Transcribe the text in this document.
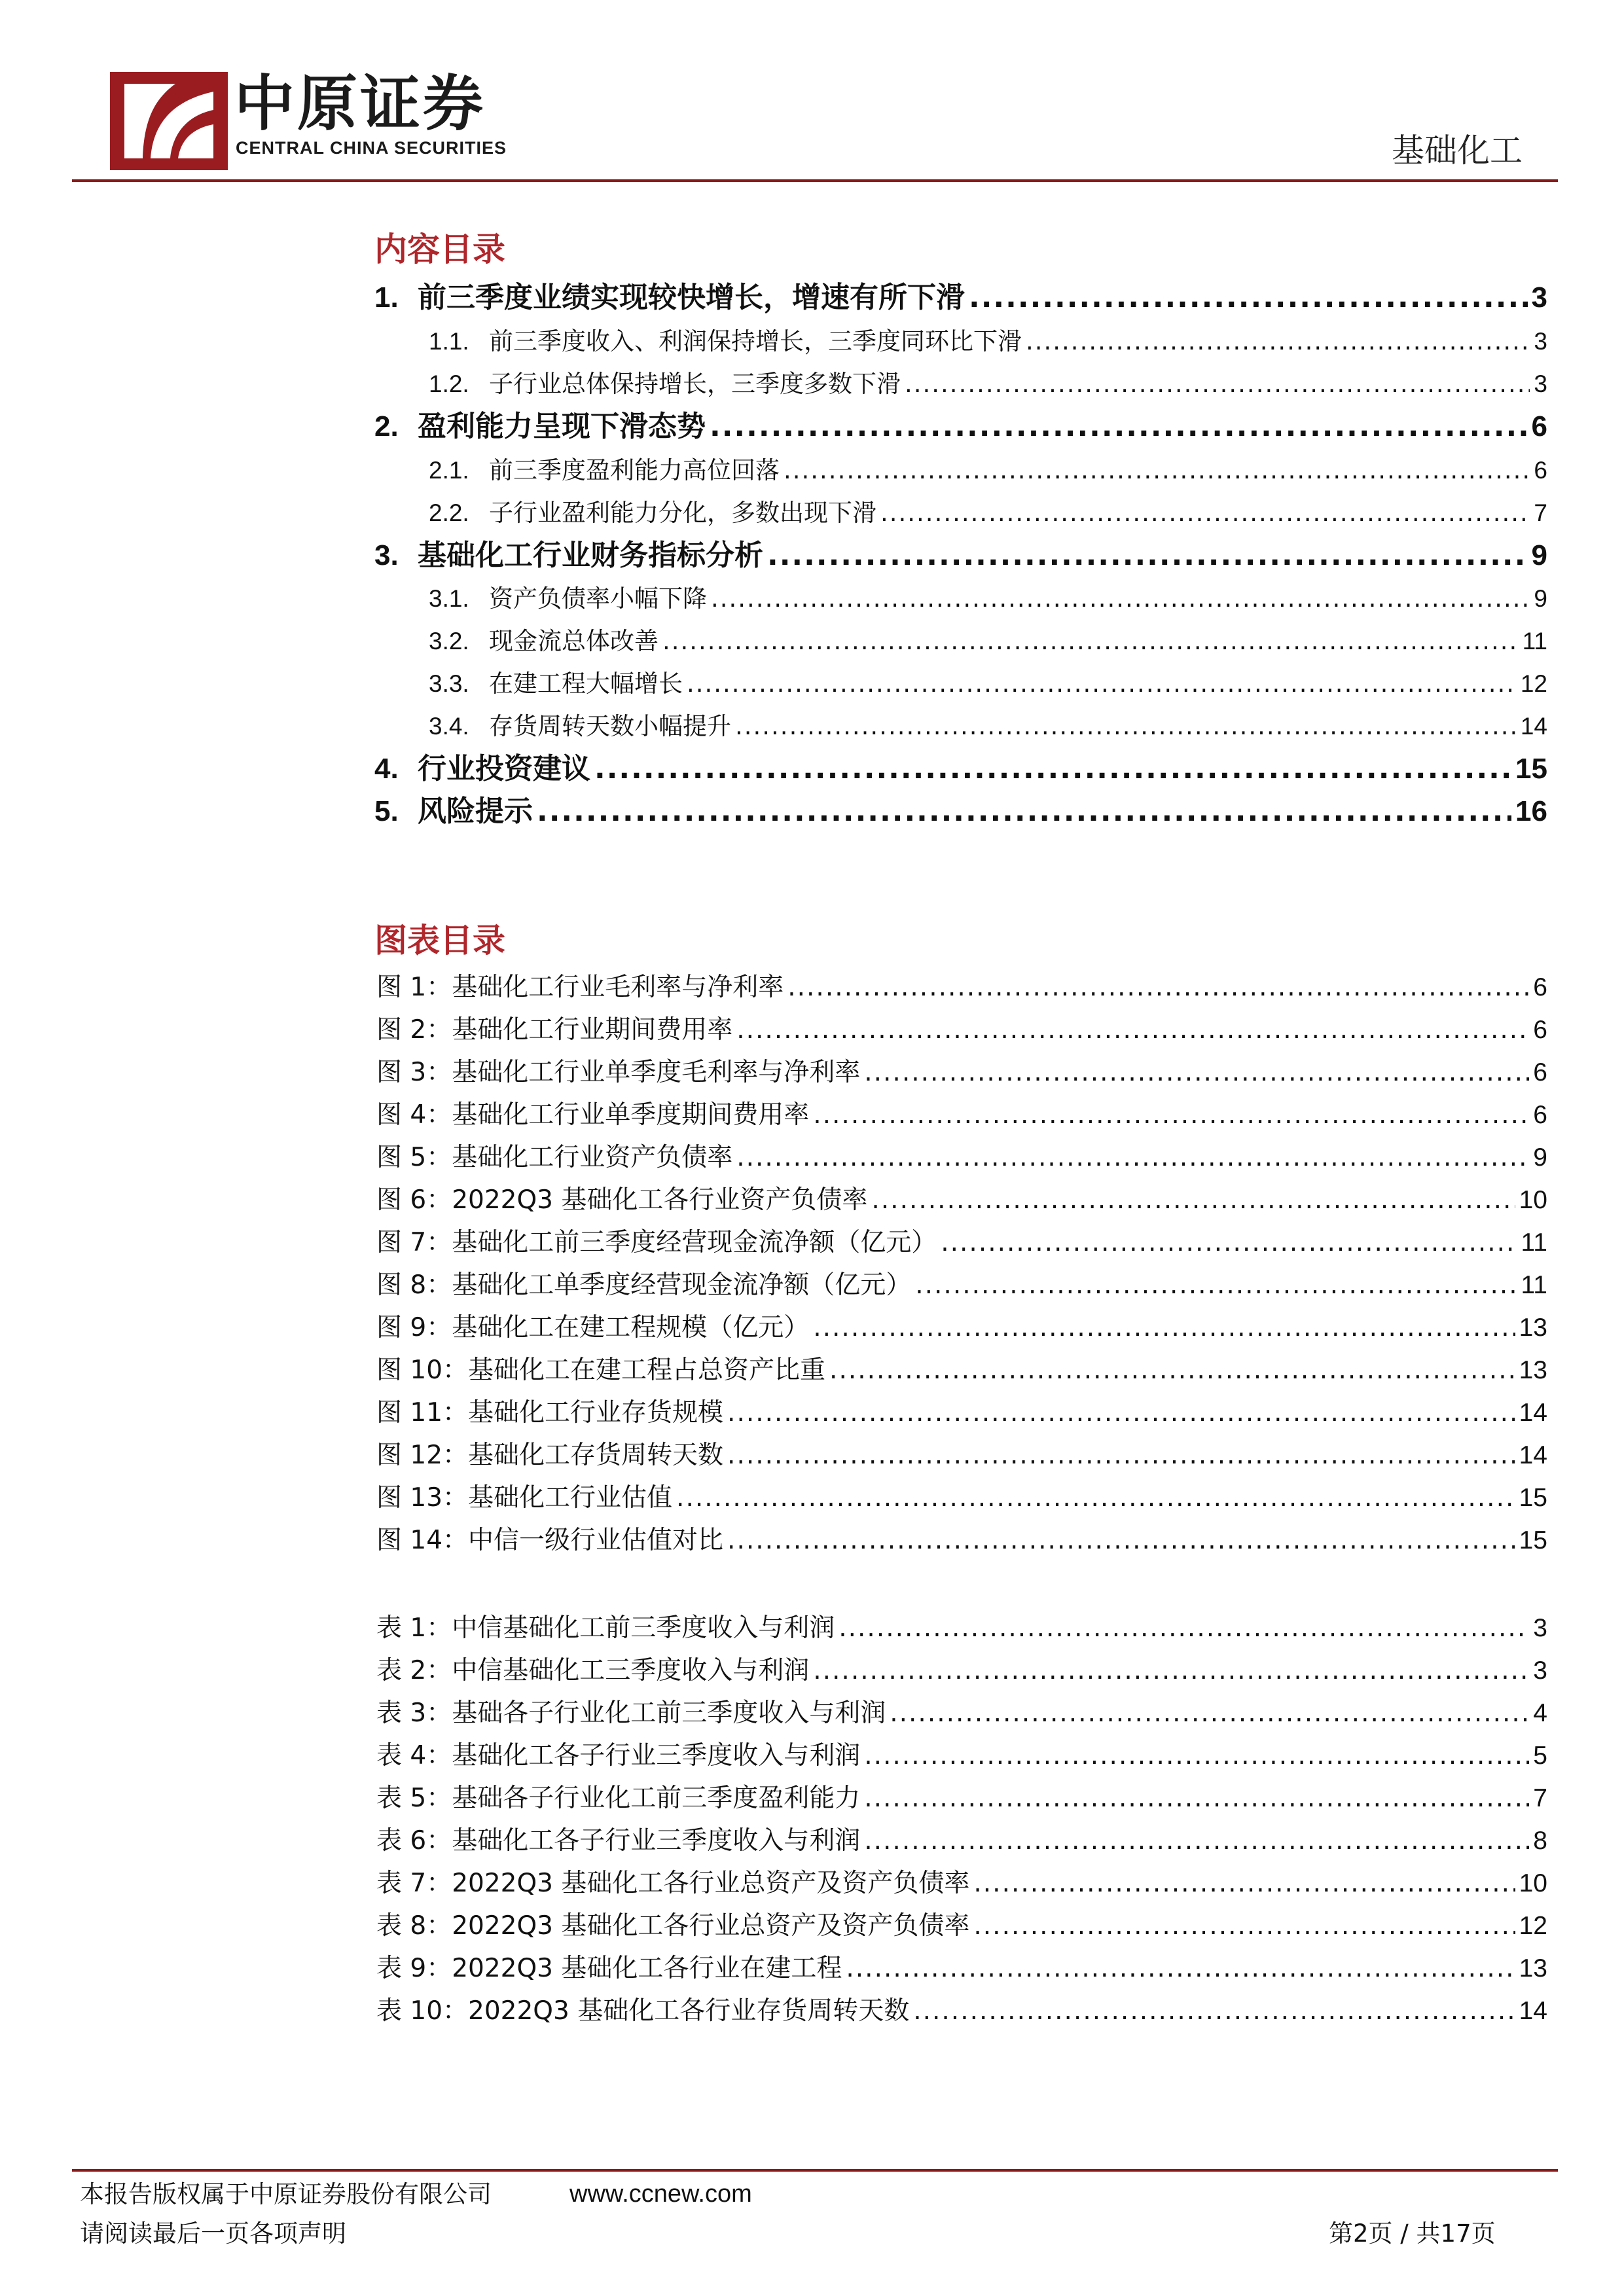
中原证券
CENTRAL CHINA SECURITIES	基础化工
内容目录
1. 前三季度业绩实现较快增长，增速有所下滑 .....	3
1.1. 前三季度收入、利润保持增长，三季度同环比下滑 .....	3
1.2. 子行业总体保持增长，三季度多数下滑 .....	3
2. 盈利能力呈现下滑态势 .....	6
2.1. 前三季度盈利能力高位回落 .....	6
2.2. 子行业盈利能力分化，多数出现下滑 .....	7
3. 基础化工行业财务指标分析 .....	9
3.1. 资产负债率小幅下降 .....	9
3.2. 现金流总体改善 .....	11
3.3. 在建工程大幅增长 .....	12
3.4. 存货周转天数小幅提升 .....	14
4. 行业投资建议 .....	15
5. 风险提示 .....	16
图表目录
图 1： 基础化工行业毛利率与净利率 .....	6
图 2： 基础化工行业期间费用率 .....	6
图 3： 基础化工行业单季度毛利率与净利率 .....	6
图 4： 基础化工行业单季度期间费用率 .....	6
图 5： 基础化工行业资产负债率 .....	9
图 6： 2022Q3 基础化工各行业资产负债率 .....	10
图 7： 基础化工前三季度经营现金流净额（亿元） .....	11
图 8： 基础化工单季度经营现金流净额（亿元） .....	11
图 9： 基础化工在建工程规模（亿元） .....	13
图 10： 基础化工在建工程占总资产比重 .....	13
图 11： 基础化工行业存货规模 .....	14
图 12： 基础化工存货周转天数 .....	14
图 13： 基础化工行业估值 .....	15
图 14： 中信一级行业估值对比 .....	15
表 1： 中信基础化工前三季度收入与利润 .....	3
表 2： 中信基础化工三季度收入与利润 .....	3
表 3： 基础各子行业化工前三季度收入与利润 .....	4
表 4： 基础化工各子行业三季度收入与利润 .....	5
表 5： 基础各子行业化工前三季度盈利能力 .....	7
表 6： 基础化工各子行业三季度收入与利润 .....	8
表 7： 2022Q3 基础化工各行业总资产及资产负债率 .....	10
表 8： 2022Q3 基础化工各行业总资产及资产负债率 .....	12
表 9： 2022Q3 基础化工各行业在建工程 .....	13
表 10： 2022Q3 基础化工各行业存货周转天数 .....	14
本报告版权属于中原证券股份有限公司	www.ccnew.com
请阅读最后一页各项声明	第2页 / 共17页
